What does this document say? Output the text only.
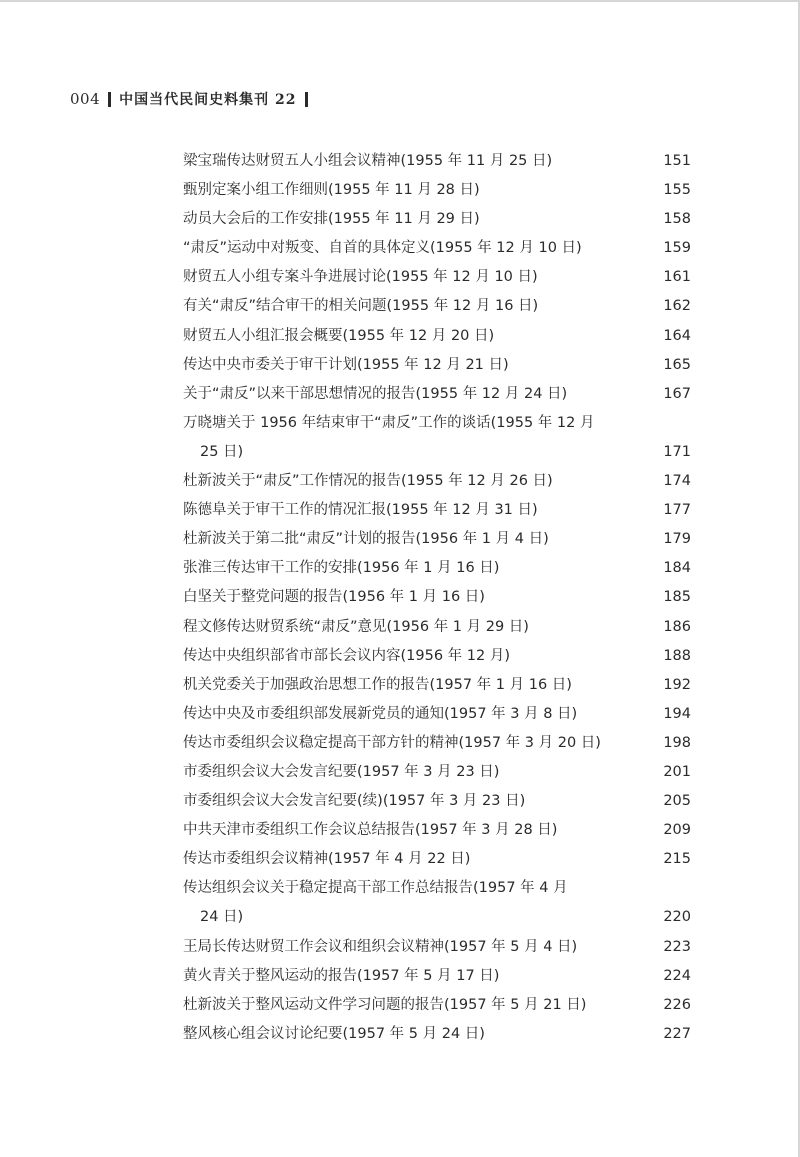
004 中国当代民间史料集刊 22
梁宝瑞传达财贸五人小组会议精神(1955 年 11 月 25 日)	151
甄别定案小组工作细则(1955 年 11 月 28 日)	155
动员大会后的工作安排(1955 年 11 月 29 日)	158
“肃反”运动中对叛变、自首的具体定义(1955 年 12 月 10 日)	159
财贸五人小组专案斗争进展讨论(1955 年 12 月 10 日)	161
有关“肃反”结合审干的相关问题(1955 年 12 月 16 日)	162
财贸五人小组汇报会概要(1955 年 12 月 20 日)	164
传达中央市委关于审干计划(1955 年 12 月 21 日)	165
关于“肃反”以来干部思想情况的报告(1955 年 12 月 24 日)	167
万晓塘关于 1956 年结束审干“肃反”工作的谈话(1955 年 12 月
25 日)	171
杜新波关于“肃反”工作情况的报告(1955 年 12 月 26 日)	174
陈德阜关于审干工作的情况汇报(1955 年 12 月 31 日)	177
杜新波关于第二批“肃反”计划的报告(1956 年 1 月 4 日)	179
张淮三传达审干工作的安排(1956 年 1 月 16 日)	184
白坚关于整党问题的报告(1956 年 1 月 16 日)	185
程文修传达财贸系统“肃反”意见(1956 年 1 月 29 日)	186
传达中央组织部省市部长会议内容(1956 年 12 月)	188
机关党委关于加强政治思想工作的报告(1957 年 1 月 16 日)	192
传达中央及市委组织部发展新党员的通知(1957 年 3 月 8 日)	194
传达市委组织会议稳定提高干部方针的精神(1957 年 3 月 20 日)	198
市委组织会议大会发言纪要(1957 年 3 月 23 日)	201
市委组织会议大会发言纪要(续)(1957 年 3 月 23 日)	205
中共天津市委组织工作会议总结报告(1957 年 3 月 28 日)	209
传达市委组织会议精神(1957 年 4 月 22 日)	215
传达组织会议关于稳定提高干部工作总结报告(1957 年 4 月
24 日)	220
王局长传达财贸工作会议和组织会议精神(1957 年 5 月 4 日)	223
黄火青关于整风运动的报告(1957 年 5 月 17 日)	224
杜新波关于整风运动文件学习问题的报告(1957 年 5 月 21 日)	226
整风核心组会议讨论纪要(1957 年 5 月 24 日)	227
